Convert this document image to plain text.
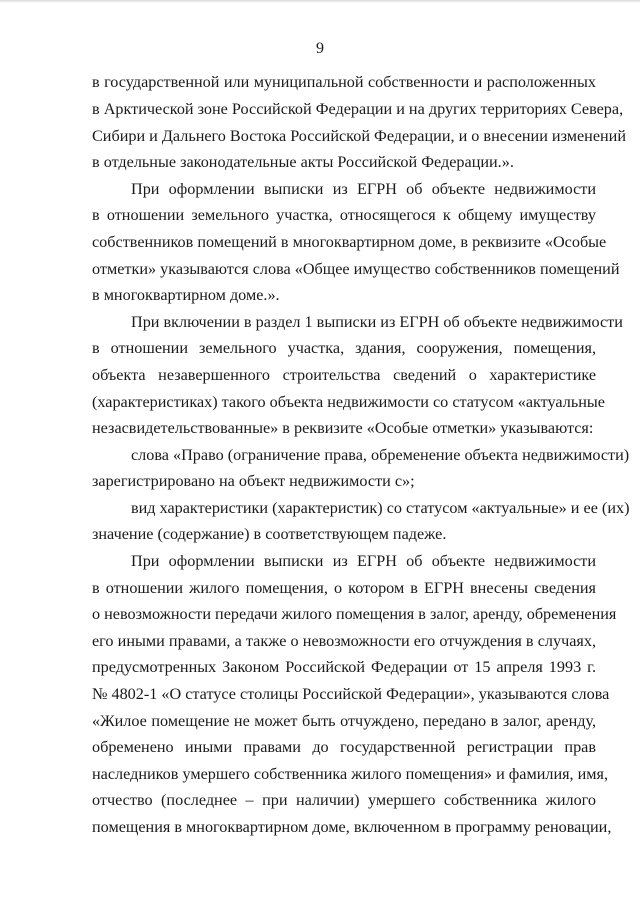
9
в государственной или муниципальной собственности и расположенных
в Арктической зоне Российской Федерации и на других территориях Севера,
Сибири и Дальнего Востока Российской Федерации, и о внесении изменений
в отдельные законодательные акты Российской Федерации.».
При оформлении выписки из ЕГРН об объекте недвижимости
в отношении земельного участка, относящегося к общему имуществу
собственников помещений в многоквартирном доме, в реквизите «Особые
отметки» указываются слова «Общее имущество собственников помещений
в многоквартирном доме.».
При включении в раздел 1 выписки из ЕГРН об объекте недвижимости
в отношении земельного участка, здания, сооружения, помещения,
объекта незавершенного строительства сведений о характеристике
(характеристиках) такого объекта недвижимости со статусом «актуальные
незасвидетельствованные» в реквизите «Особые отметки» указываются:
слова «Право (ограничение права, обременение объекта недвижимости)
зарегистрировано на объект недвижимости с»;
вид характеристики (характеристик) со статусом «актуальные» и ее (их)
значение (содержание) в соответствующем падеже.
При оформлении выписки из ЕГРН об объекте недвижимости
в отношении жилого помещения, о котором в ЕГРН внесены сведения
о невозможности передачи жилого помещения в залог, аренду, обременения
его иными правами, а также о невозможности его отчуждения в случаях,
предусмотренных Законом Российской Федерации от 15 апреля 1993 г.
№ 4802-1 «О статусе столицы Российской Федерации», указываются слова
«Жилое помещение не может быть отчуждено, передано в залог, аренду,
обременено иными правами до государственной регистрации прав
наследников умершего собственника жилого помещения» и фамилия, имя,
отчество (последнее – при наличии) умершего собственника жилого
помещения в многоквартирном доме, включенном в программу реновации,
